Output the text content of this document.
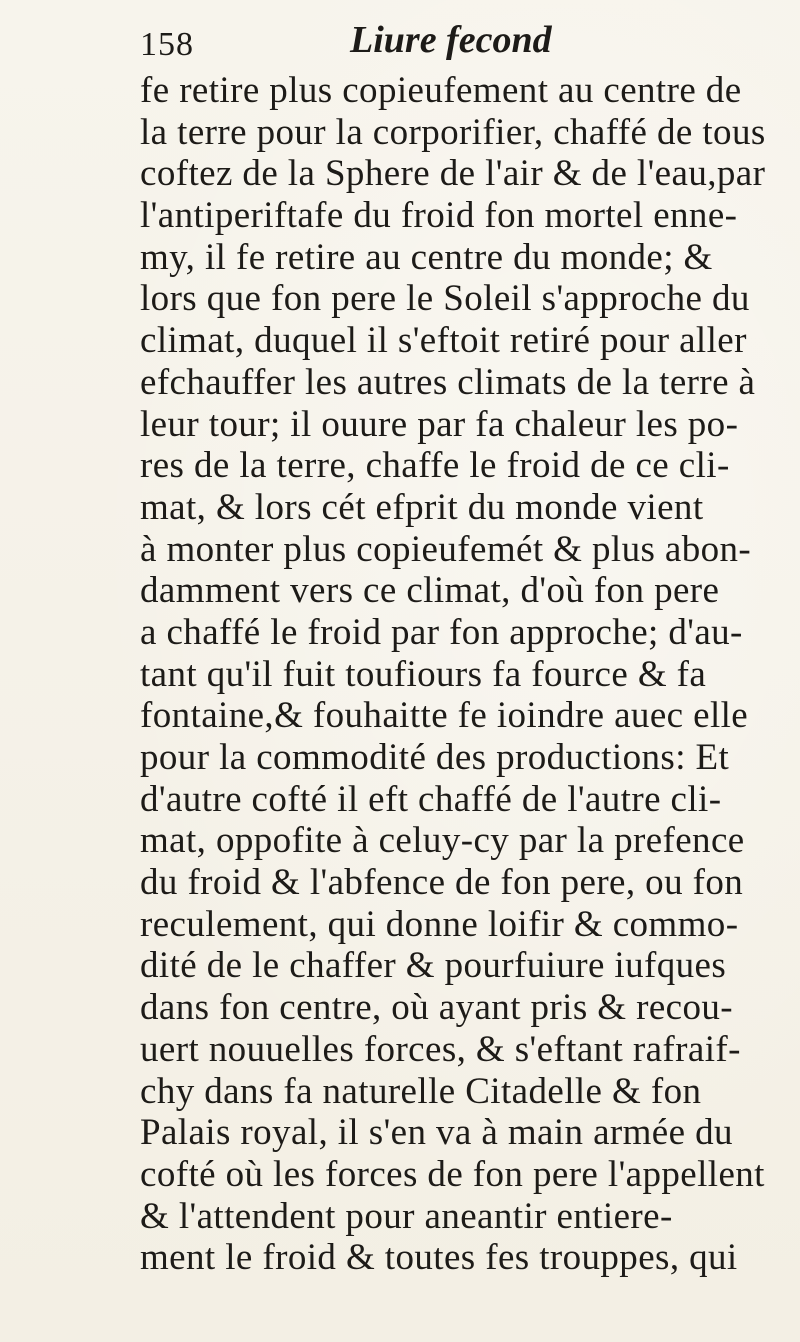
158	Liure fecond
fe retire plus copieufement au centre de
la terre pour la corporifier, chaffé de tous
coftez de la Sphere de l'air & de l'eau,par
l'antiperiftafe du froid fon mortel enne-
my, il fe retire au centre du monde; &
lors que fon pere le Soleil s'approche du
climat, duquel il s'eftoit retiré pour aller
efchauffer les autres climats de la terre à
leur tour; il ouure par fa chaleur les po-
res de la terre, chaffe le froid de ce cli-
mat, & lors cét efprit du monde vient
à monter plus copieufemét & plus abon-
damment vers ce climat, d'où fon pere
a chaffé le froid par fon approche; d'au-
tant qu'il fuit toufiours fa fource & fa
fontaine,& fouhaitte fe ioindre auec elle
pour la commodité des productions: Et
d'autre cofté il eft chaffé de l'autre cli-
mat, oppofite à celuy-cy par la prefence
du froid & l'abfence de fon pere, ou fon
reculement, qui donne loifir & commo-
dité de le chaffer & pourfuiure iufques
dans fon centre, où ayant pris & recou-
uert nouuelles forces, & s'eftant rafraif-
chy dans fa naturelle Citadelle & fon
Palais royal, il s'en va à main armée du
cofté où les forces de fon pere l'appellent
& l'attendent pour aneantir entiere-
ment le froid & toutes fes trouppes, qui
